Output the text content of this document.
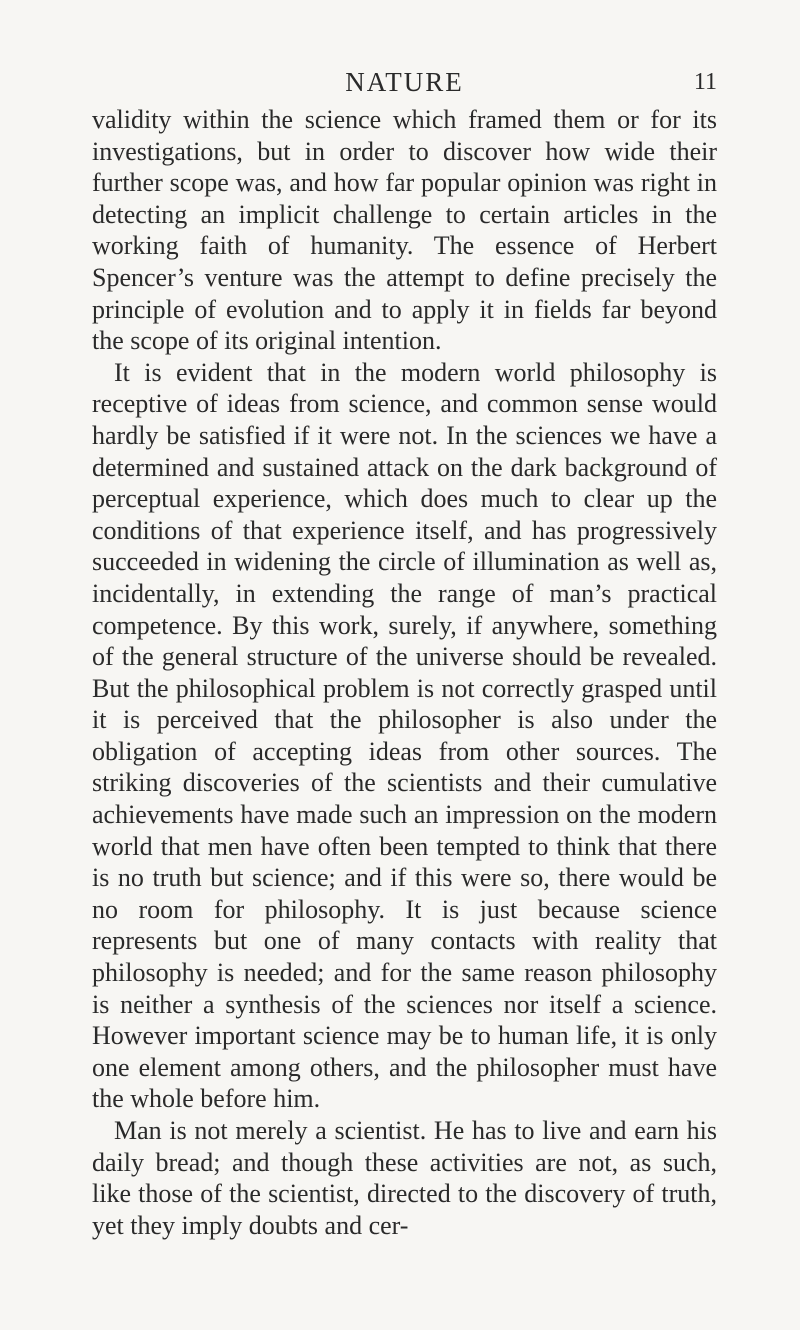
NATURE	11

validity within the science which framed them or for its investigations, but in order to discover how wide their further scope was, and how far popular opinion was right in detecting an implicit challenge to certain articles in the working faith of humanity. The essence of Herbert Spencer’s venture was the attempt to define precisely the principle of evolution and to apply it in fields far beyond the scope of its original intention.

It is evident that in the modern world philosophy is receptive of ideas from science, and common sense would hardly be satisfied if it were not. In the sciences we have a determined and sustained attack on the dark background of perceptual experience, which does much to clear up the conditions of that experience itself, and has progressively succeeded in widening the circle of illumination as well as, incidentally, in extending the range of man’s practical competence. By this work, surely, if anywhere, something of the general structure of the universe should be revealed. But the philosophical problem is not correctly grasped until it is perceived that the philosopher is also under the obligation of accepting ideas from other sources. The striking discoveries of the scientists and their cumulative achievements have made such an impression on the modern world that men have often been tempted to think that there is no truth but science; and if this were so, there would be no room for philosophy. It is just because science represents but one of many contacts with reality that philosophy is needed; and for the same reason philosophy is neither a synthesis of the sciences nor itself a science. However important science may be to human life, it is only one element among others, and the philosopher must have the whole before him.

Man is not merely a scientist. He has to live and earn his daily bread; and though these activities are not, as such, like those of the scientist, directed to the discovery of truth, yet they imply doubts and cer-
